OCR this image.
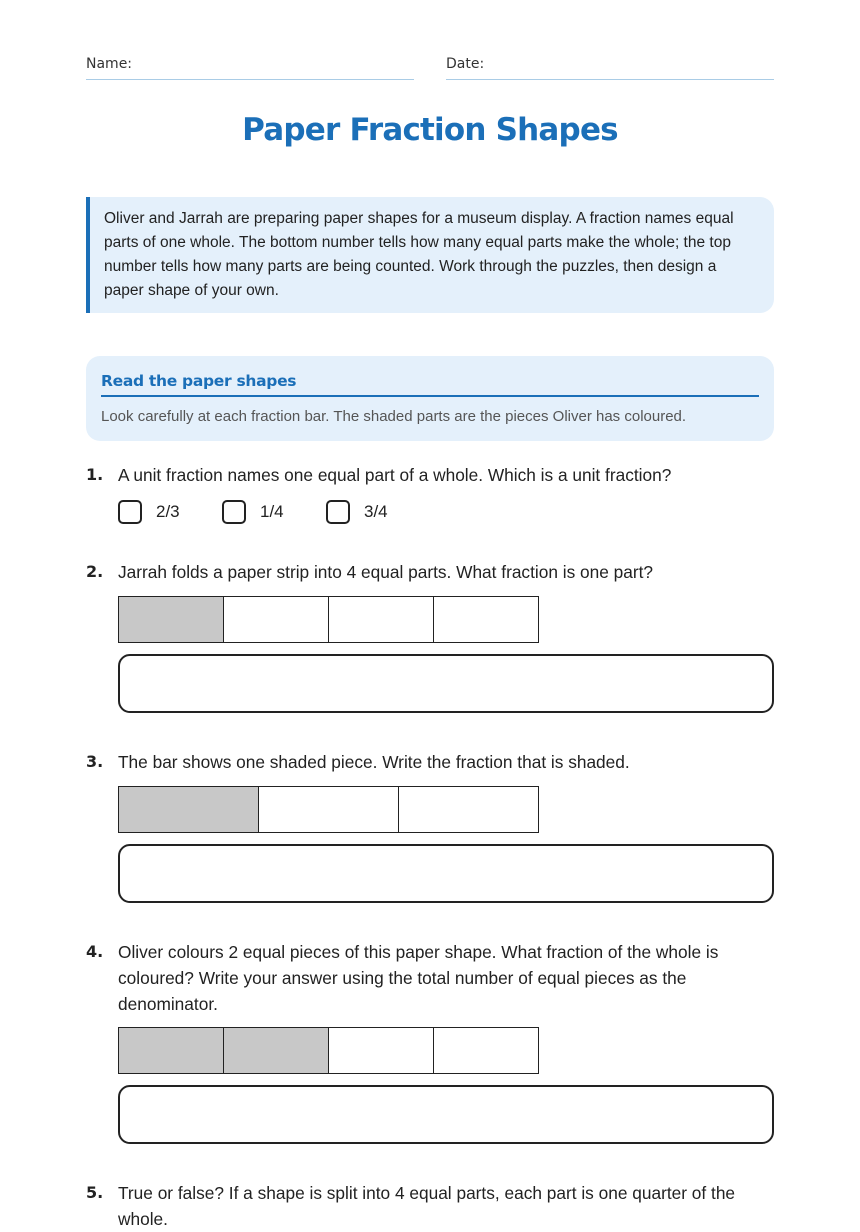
Name:	Date:
Paper Fraction Shapes
Oliver and Jarrah are preparing paper shapes for a museum display. A fraction names equal parts of one whole. The bottom number tells how many equal parts make the whole; the top number tells how many parts are being counted. Work through the puzzles, then design a paper shape of your own.
Read the paper shapes
Look carefully at each fraction bar. The shaded parts are the pieces Oliver has coloured.
1. A unit fraction names one equal part of a whole. Which is a unit fraction?
2/3	1/4	3/4
2. Jarrah folds a paper strip into 4 equal parts. What fraction is one part?
3. The bar shows one shaded piece. Write the fraction that is shaded.
4. Oliver colours 2 equal pieces of this paper shape. What fraction of the whole is coloured? Write your answer using the total number of equal pieces as the denominator.
5. True or false? If a shape is split into 4 equal parts, each part is one quarter of the whole.
